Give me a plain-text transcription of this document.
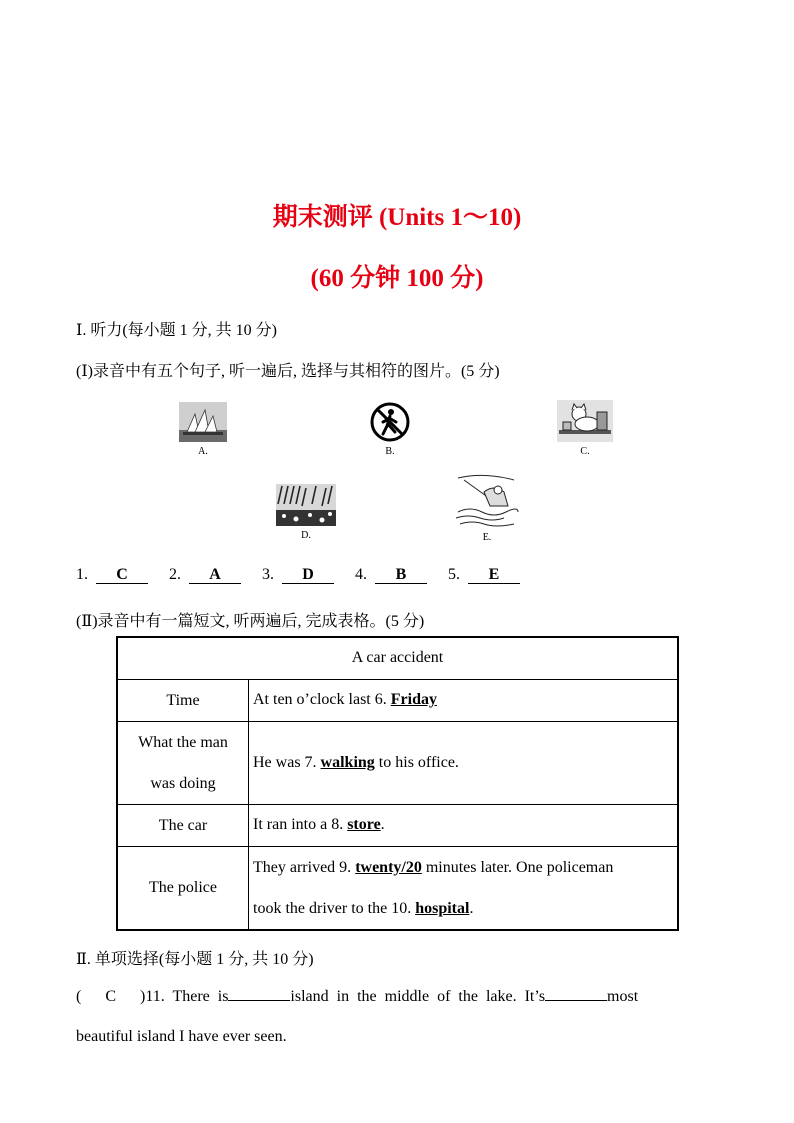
期末测评 (Units 1～10)
(60 分钟 100 分)

Ⅰ. 听力(每小题 1 分, 共 10 分)

(Ⅰ)录音中有五个句子, 听一遍后, 选择与其相符的图片。(5 分)

A.	B.	C.
D.	E.
1. C	2. A	3. D	4. B	5. E

(Ⅱ)录音中有一篇短文, 听两遍后, 完成表格。(5 分)

A car accident	
Time	At ten o’clock last 6. Friday
What the man
was doing	He was 7. walking to his office.
The car	It ran into a 8. store.
The police	They arrived 9. twenty/20 minutes later. One policeman
took the driver to the 10. hospital.

Ⅱ. 单项选择(每小题 1 分, 共 10 分)

(      C      )11.  There  is	island  in  the  middle  of  the  lake.  It’s	most

beautiful island I have ever seen.
